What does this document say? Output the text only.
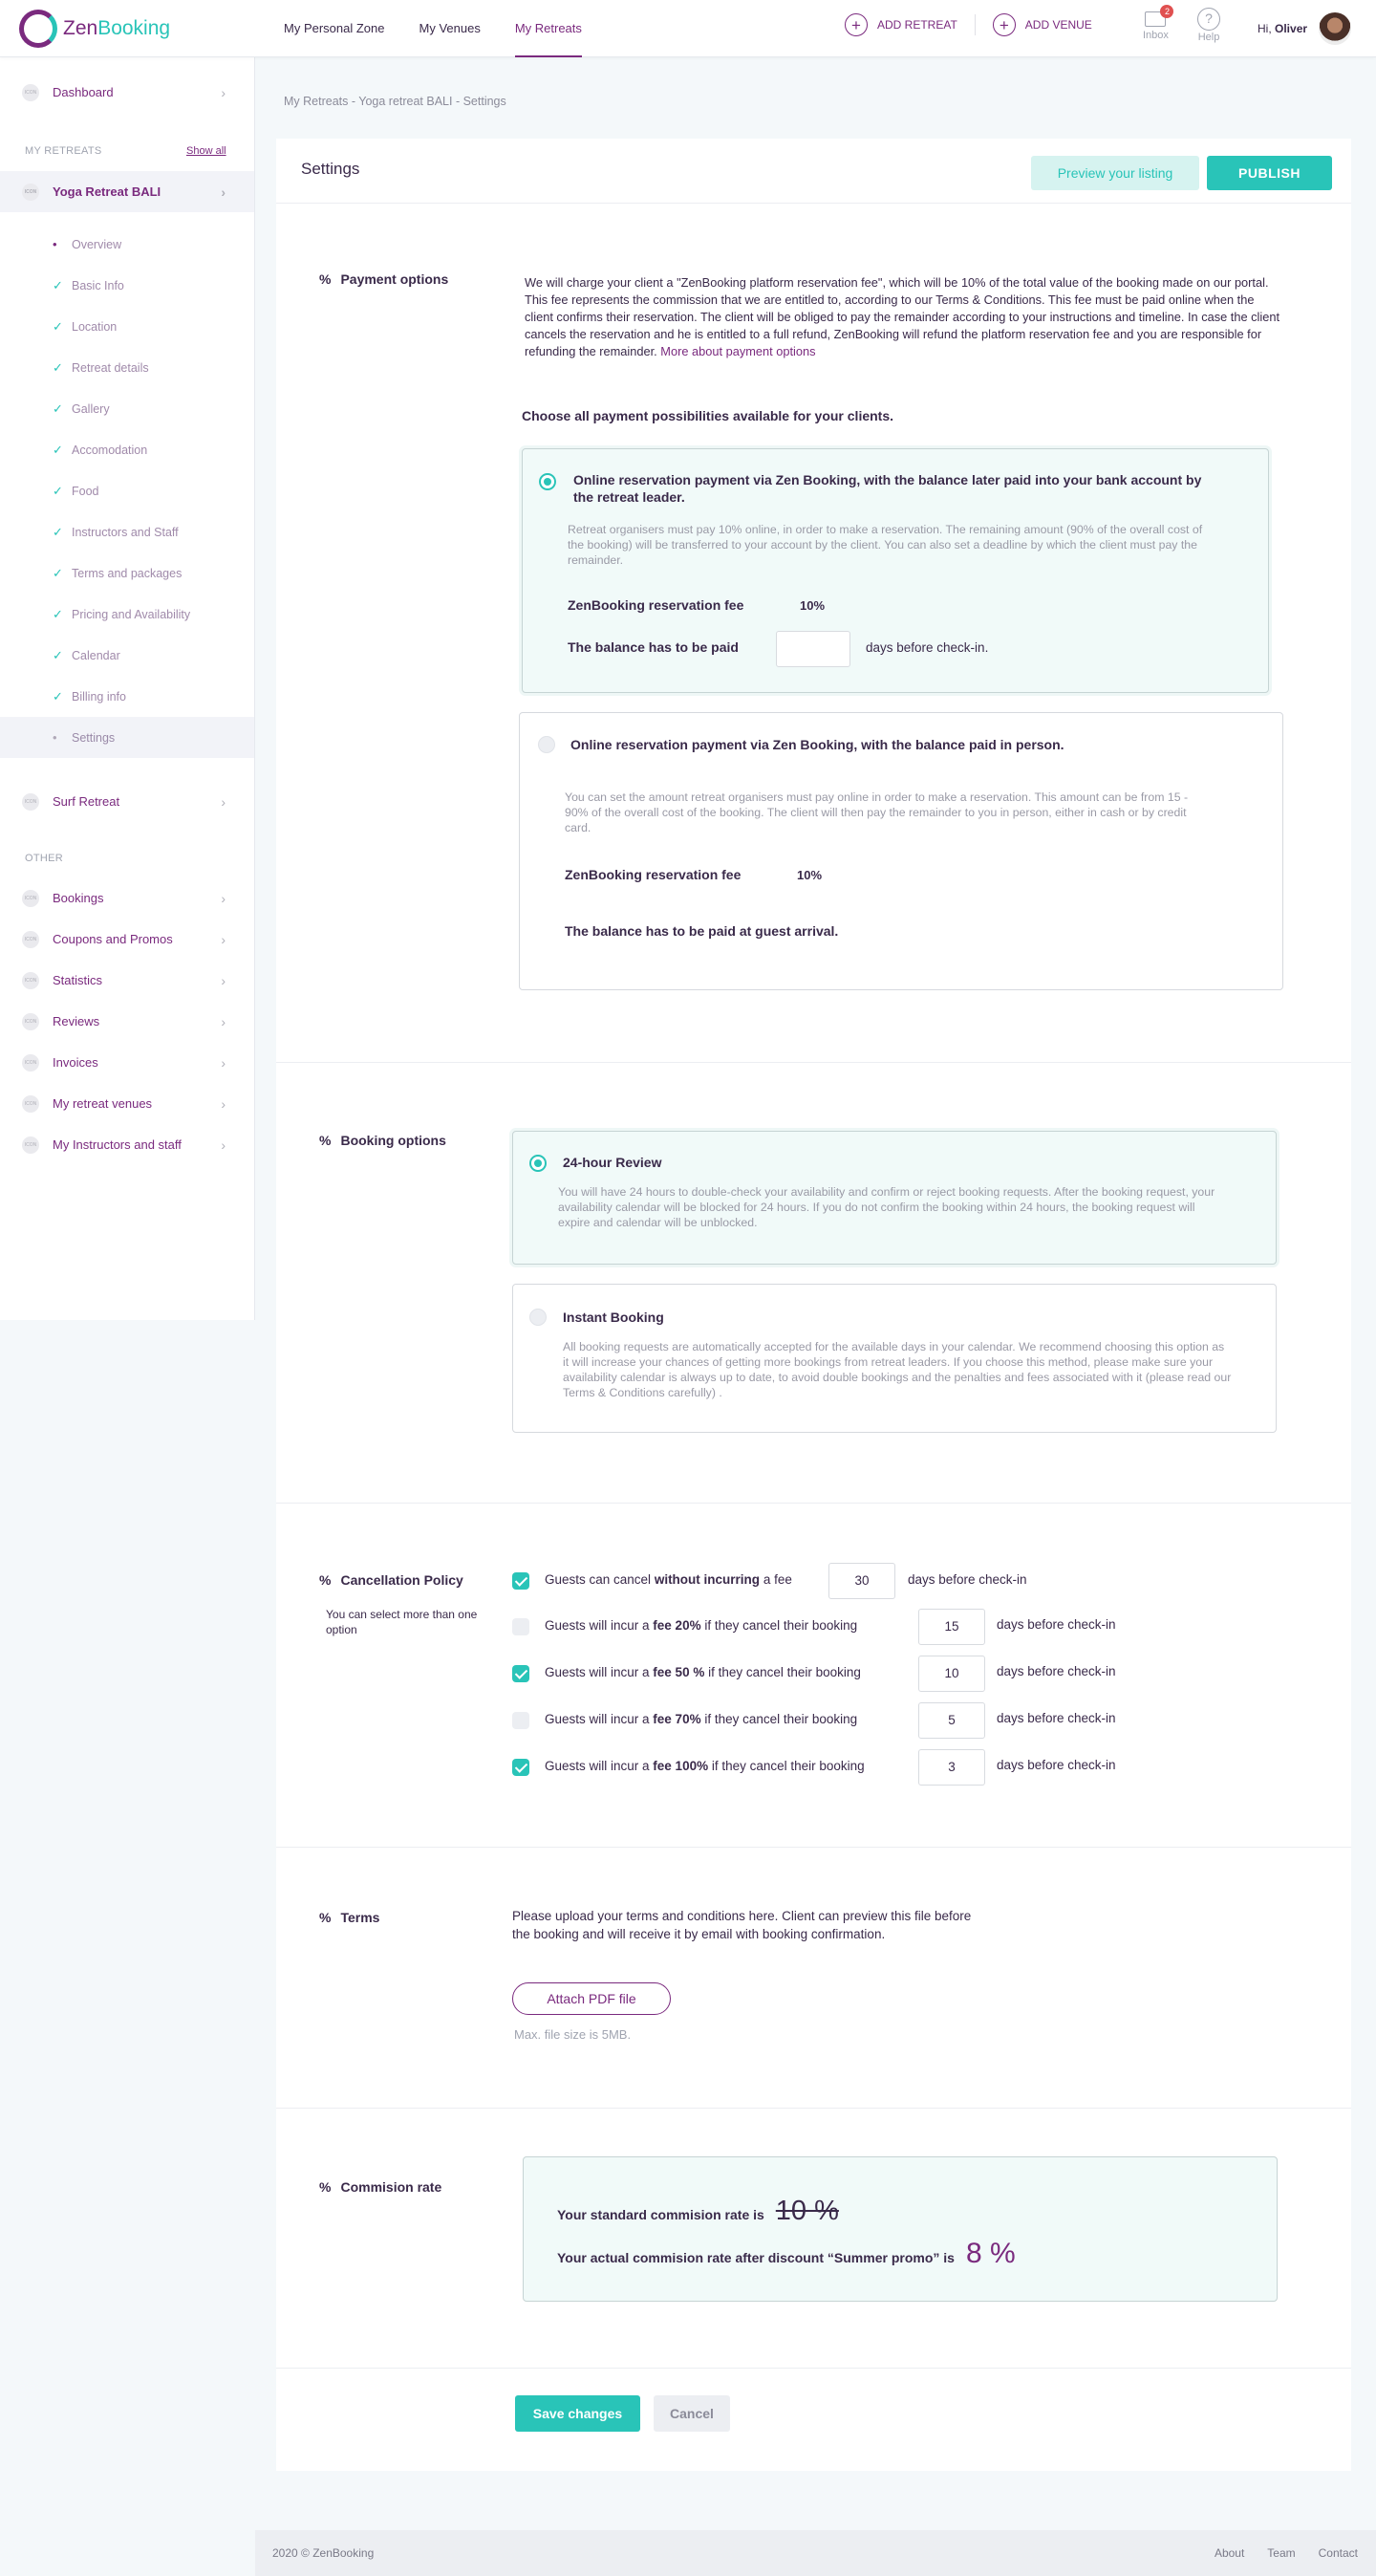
ZenBooking	My Personal Zone	My Venues	My Retreats	+	ADD RETREAT	+	ADD VENUE
2
Inbox
?
Help
Hi, Oliver
ICON Dashboard	›
MY RETREATS	Show all
ICON Yoga Retreat BALI	›
•	Overview
✓ Basic Info
✓ Location
✓ Retreat details
✓ Gallery
✓ Accomodation
✓ Food
✓ Instructors and Staff
✓ Terms and packages
✓ Pricing and Availability
✓ Calendar
✓ Billing info
•	Settings
ICON Surf Retreat	›
OTHER
ICON Bookings	›
ICON Coupons and Promos	›
ICON Statistics	›
ICON Reviews	›
ICON Invoices	›
ICON My retreat venues	›
ICON My Instructors and staff	›
My Retreats - Yoga retreat BALI - Settings
Settings	Preview your listing	PUBLISH
% Payment options	We will charge your client a "ZenBooking platform reservation fee", which will be 10% of the total value of the booking made on our portal. This fee represents the commission that we are entitled to, according to our Terms & Conditions. This fee must be paid online when the client confirms their reservation. The client will be obliged to pay the remainder according to your instructions and timeline. In case the client cancels the reservation and he is entitled to a full refund, ZenBooking will refund the platform reservation fee and you are responsible for refunding the remainder. More about payment options
Choose all payment possibilities available for your clients.
Online reservation payment via Zen Booking, with the balance later paid into your bank account by the retreat leader.
Retreat organisers must pay 10% online, in order to make a reservation. The remaining amount (90% of the overall cost of the booking) will be transferred to your account by the client. You can also set a deadline by which the client must pay the remainder.
ZenBooking reservation fee	10%
The balance has to be paid	days before check-in.
Online reservation payment via Zen Booking, with the balance paid in person.
You can set the amount retreat organisers must pay online in order to make a reservation. This amount can be from 15 - 90% of the overall cost of the booking. The client will then pay the remainder to you in person, either in cash or by credit card.
ZenBooking reservation fee	10%
The balance has to be paid at guest arrival.
% Booking options
24-hour Review
You will have 24 hours to double-check your availability and confirm or reject booking requests. After the booking request, your availability calendar will be blocked for 24 hours. If you do not confirm the booking within 24 hours, the booking request will expire and calendar will be unblocked.
Instant Booking
All booking requests are automatically accepted for the available days in your calendar. We recommend choosing this option as it will increase your chances of getting more bookings from retreat leaders. If you choose this method, please make sure your availability calendar is always up to date, to avoid double bookings and the penalties and fees associated with it (please read our Terms & Conditions carefully) .
% Cancellation Policy
You can select more than one option
Guests can cancel without incurring a fee	30	days before check-in
Guests will incur a fee 20% if they cancel their booking	15	days before check-in
Guests will incur a fee 50 % if they cancel their booking	10	days before check-in
Guests will incur a fee 70% if they cancel their booking	5	days before check-in
Guests will incur a fee 100% if they cancel their booking	3	days before check-in
% Terms	Please upload your terms and conditions here. Client can preview this file before the booking and will receive it by email with booking confirmation.
Attach PDF file
Max. file size is 5MB.
% Commision rate
Your standard commision rate is 10 %
Your actual commision rate after discount “Summer promo” is 8 %
Save changes	Cancel
2020 © ZenBooking	About Team Contact
